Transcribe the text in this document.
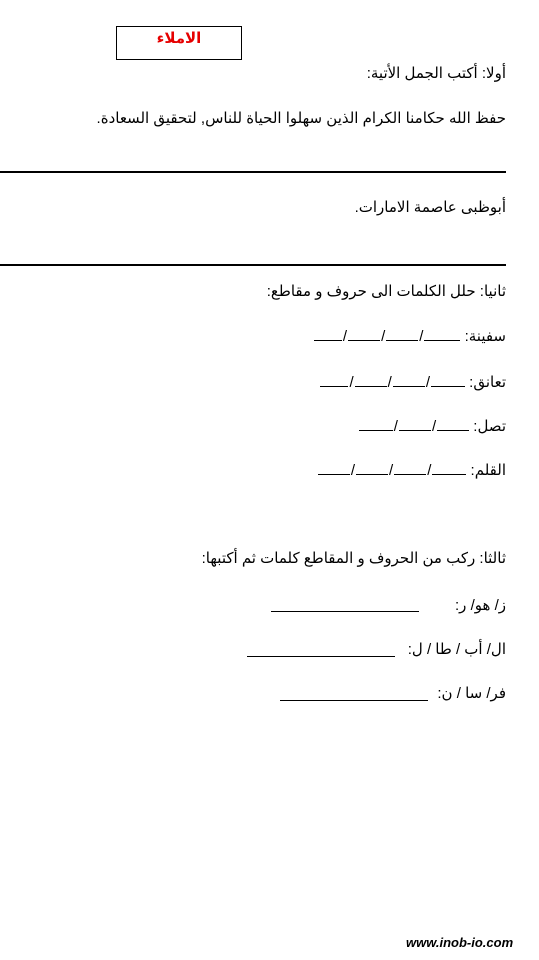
الاملاء
أولا: أكتب الجمل الأتية:
حفظ الله حكامنا الكرام الذين سهلوا الحياة للناس, لتحقيق السعادة.
أبوظبى عاصمة الامارات.
ثانيا: حلل الكلمات الى حروف و مقاطع:
سفينة: ///
تعانق: ///
تصل: //
القلم: ///
ثالثا: ركب من الحروف و المقاطع كلمات ثم أكتبها:
ز/ هو/ ر:
ال/ أب / طا / ل:
فر/ سا / ن:
www.inob-io.com
